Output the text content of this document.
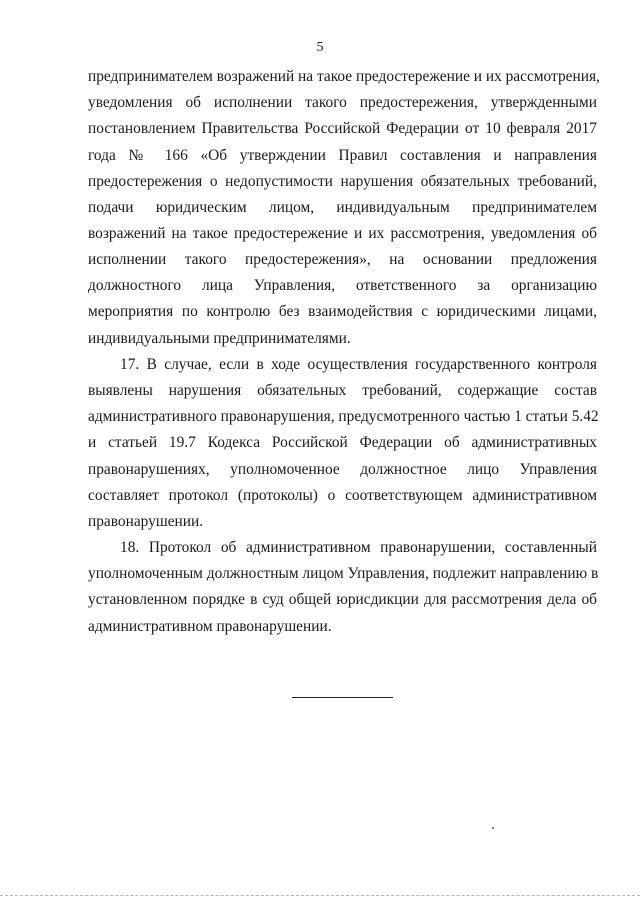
5
предпринимателем возражений на такое предостережение и их рассмотрения,
уведомления об исполнении такого предостережения, утвержденными
постановлением Правительства Российской Федерации от 10 февраля 2017
года № 166 «Об утверждении Правил составления и направления
предостережения о недопустимости нарушения обязательных требований,
подачи юридическим лицом, индивидуальным предпринимателем
возражений на такое предостережение и их рассмотрения, уведомления об
исполнении такого предостережения», на основании предложения
должностного лица Управления, ответственного за организацию
мероприятия по контролю без взаимодействия с юридическими лицами,
индивидуальными предпринимателями.
17. В случае, если в ходе осуществления государственного контроля
выявлены нарушения обязательных требований, содержащие состав
административного правонарушения, предусмотренного частью 1 статьи 5.42
и статьей 19.7 Кодекса Российской Федерации об административных
правонарушениях, уполномоченное должностное лицо Управления
составляет протокол (протоколы) о соответствующем административном
правонарушении.
18. Протокол об административном правонарушении, составленный
уполномоченным должностным лицом Управления, подлежит направлению в
установленном порядке в суд общей юрисдикции для рассмотрения дела об
административном правонарушении.
